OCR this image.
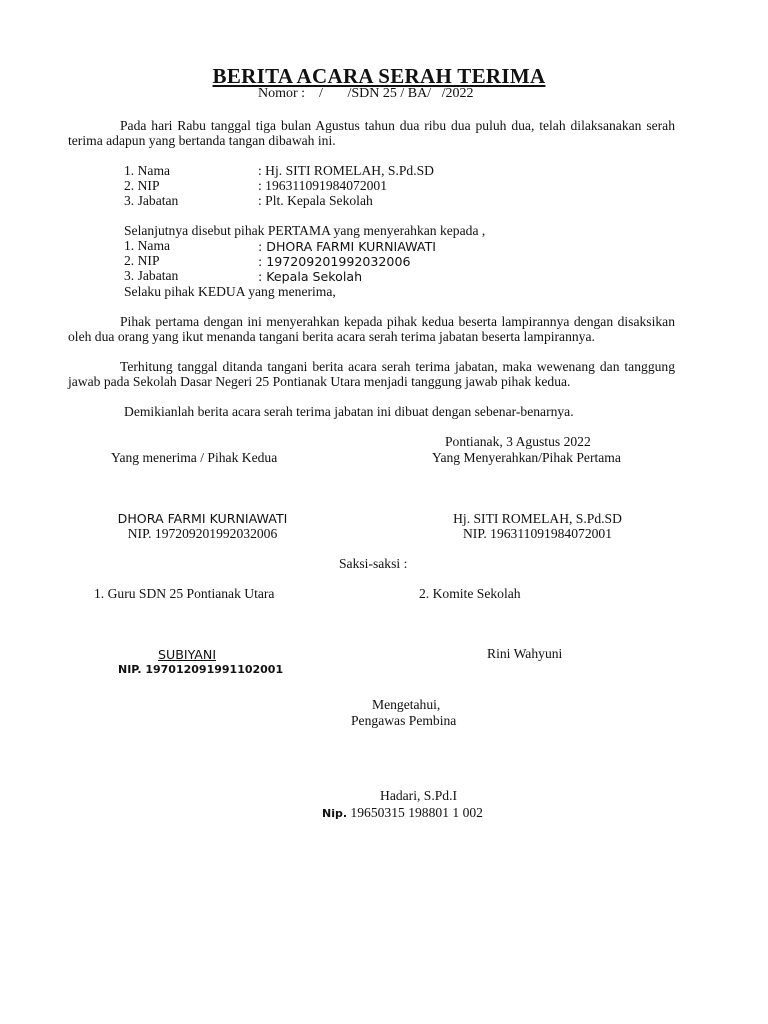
BERITA ACARA SERAH TERIMA
Nomor :    /       /SDN 25 / BA/   /2022
Pada hari Rabu tanggal tiga bulan Agustus tahun dua ribu dua puluh dua, telah dilaksanakan serah terima adapun yang bertanda tangan dibawah ini.
1. Nama	: Hj. SITI ROMELAH, S.Pd.SD
2. NIP	: 196311091984072001
3. Jabatan	: Plt. Kepala Sekolah
Selanjutnya disebut pihak PERTAMA yang menyerahkan kepada ,
1. Nama	: DHORA FARMI KURNIAWATI
2. NIP	: 197209201992032006
3. Jabatan	: Kepala Sekolah
Selaku pihak KEDUA yang menerima,
Pihak pertama dengan ini menyerahkan kepada pihak kedua beserta lampirannya dengan disaksikan oleh dua orang yang ikut menanda tangani berita acara serah terima jabatan beserta lampirannya.
Terhitung tanggal ditanda tangani berita acara serah terima jabatan, maka wewenang dan tanggung jawab pada Sekolah Dasar Negeri 25 Pontianak Utara menjadi tanggung jawab pihak kedua.
Demikianlah berita acara serah terima jabatan ini dibuat dengan sebenar-benarnya.
Pontianak, 3 Agustus 2022
Yang menerima / Pihak Kedua	Yang Menyerahkan/Pihak Pertama
DHORA FARMI KURNIAWATI
NIP. 197209201992032006
Hj. SITI ROMELAH, S.Pd.SD
NIP. 196311091984072001
Saksi-saksi :
1. Guru SDN 25 Pontianak Utara	2. Komite Sekolah
SUBIYANI
NIP. 197012091991102001
Rini Wahyuni
Mengetahui,
Pengawas Pembina
Hadari, S.Pd.I
Nip. 19650315 198801 1 002
